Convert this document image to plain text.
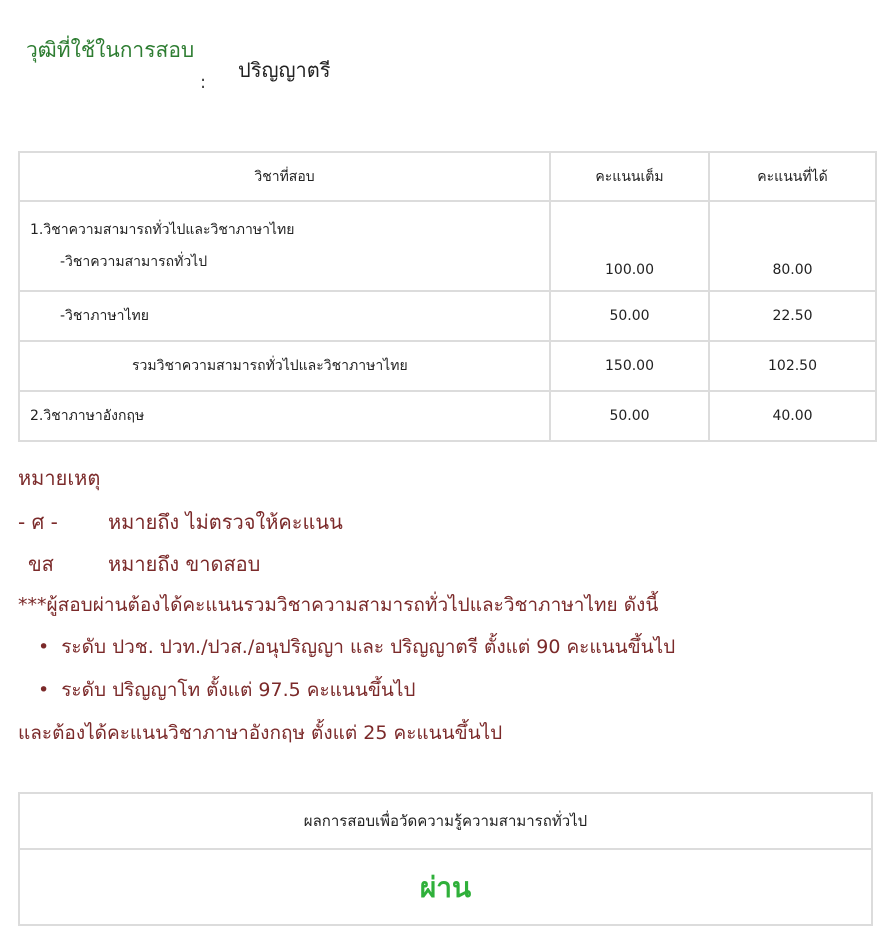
วุฒิที่ใช้ในการสอบ
:
ปริญญาตรี
วิชาที่สอบ	คะแนนเต็ม	คะแนนที่ได้
1.วิชาความสามารถทั่วไปและวิชาภาษาไทย
-วิชาความสามารถทั่วไป	100.00	80.00
-วิชาภาษาไทย	50.00	22.50
รวมวิชาความสามารถทั่วไปและวิชาภาษาไทย	150.00	102.50
2.วิชาภาษาอังกฤษ	50.00	40.00
หมายเหตุ
- ศ -	หมายถึง ไม่ตรวจให้คะแนน
ขส	หมายถึง ขาดสอบ
***ผู้สอบผ่านต้องได้คะแนนรวมวิชาความสามารถทั่วไปและวิชาภาษาไทย ดังนี้
• ระดับ ปวช. ปวท./ปวส./อนุปริญญา และ ปริญญาตรี ตั้งแต่ 90 คะแนนขึ้นไป
• ระดับ ปริญญาโท ตั้งแต่ 97.5 คะแนนขึ้นไป
และต้องได้คะแนนวิชาภาษาอังกฤษ ตั้งแต่ 25 คะแนนขึ้นไป
ผลการสอบเพื่อวัดความรู้ความสามารถทั่วไป
ผ่าน
